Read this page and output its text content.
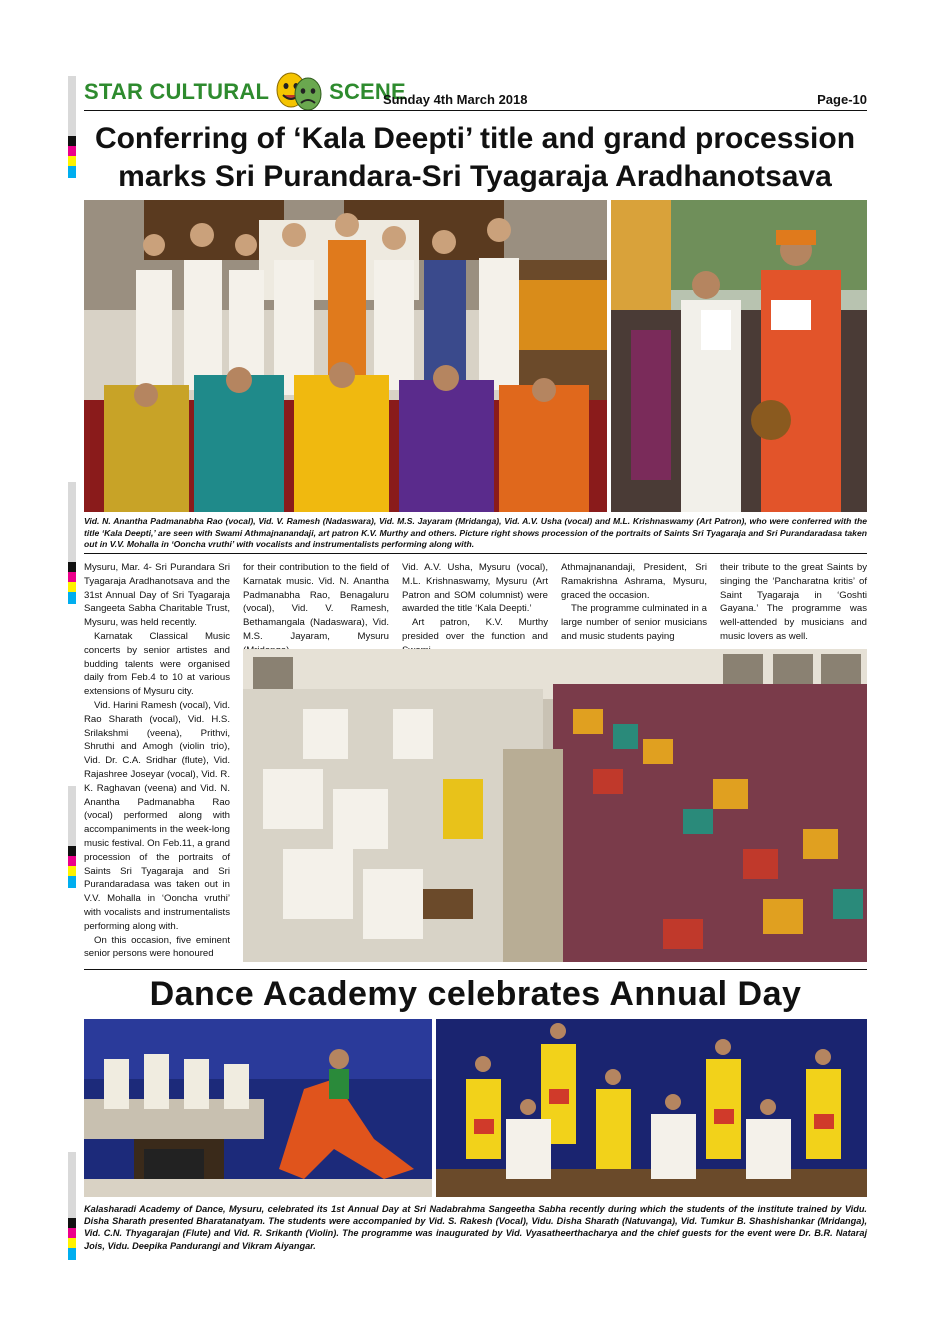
STAR CULTURAL	SCENE
Sunday 4th March 2018	Page-10
Conferring of ‘Kala Deepti’ title and grand procession
marks Sri Purandara-Sri Tyagaraja Aradhanotsava
Vid. N. Anantha Padmanabha Rao (vocal), Vid. V. Ramesh (Nadaswara), Vid. M.S. Jayaram (Mridanga), Vid. A.V. Usha (vocal) and M.L. Krishnaswamy (Art Patron), who were conferred with the title ‘Kala Deepti,’ are seen with Swami Athmajnanandaji, art patron K.V. Murthy and others. Picture right shows procession of the portraits of Saints Sri Tyagaraja and Sri Purandaradasa taken out in V.V. Mohalla in ‘Ooncha vruthi’ with vocalists and instrumentalists performing along with.

Mysuru, Mar. 4- Sri Purandara Sri Tyagaraja Aradhanotsava and the 31st Annual Day of Sri Tyagaraja Sangeeta Sabha Charitable Trust, Mysuru, was held recently.

Karnatak Classical Music concerts by senior artistes and budding talents were organised daily from Feb.4 to 10 at various extensions of Mysuru city.

Vid. Harini Ramesh (vocal), Vid. Rao Sharath (vocal), Vid. H.S. Srilakshmi (veena), Prithvi, Shruthi and Amogh (violin trio), Vid. Dr. C.A. Sridhar (flute), Vid. Rajashree Joseyar (vocal), Vid. R. K. Raghavan (veena) and Vid. N. Anantha Padmanabha Rao (vocal) performed along with accompaniments in the week-long music festival. On Feb.11, a grand procession of the portraits of Saints Sri Tyagaraja and Sri Purandaradasa was taken out in V.V. Mohalla in ‘Ooncha vruthi’ with vocalists and instrumentalists performing along with.

On this occasion, five eminent senior persons were honoured

for their contribution to the field of Karnatak music. Vid. N. Anantha Padmanabha Rao, Benagaluru (vocal), Vid. V. Ramesh, Bethamangala (Nadaswara), Vid. M.S. Jayaram, Mysuru

Vid. A.V. Usha, Mysuru (vocal), M.L. Krishnaswamy, Mysuru (Art Patron and SOM columnist) were awarded the title ‘Kala Deepti.’

Art patron, K.V. Murthy presided over the function and

Athmajnanandaji, President, Sri Ramakrishna Ashrama, Mysuru, graced the occasion.

The programme culminated in a large number of senior musicians and music students paying

their tribute to the great Saints by singing the ‘Pancharatna kritis’ of Saint Tyagaraja in ‘Goshti Gayana.’ The programme was well-attended by musicians and music lovers as well.

Dance Academy celebrates Annual Day
Kalasharadi Academy of Dance, Mysuru, celebrated its 1st Annual Day at Sri Nadabrahma Sangeetha Sabha recently during which the students of the institute trained by Vidu. Disha Sharath presented Bharatanatyam. The students were accompanied by Vid. S. Rakesh (Vocal), Vidu. Disha Sharath (Natuvanga), Vid. Tumkur B. Shashishankar (Mridanga), Vid. C.N. Thyagarajan (Flute) and Vid. R. Srikanth (Violin). The programme was inaugurated by Vid. Vyasatheerthacharya and the chief guests for the event were Dr. B.R. Nataraj Jois, Vidu. Deepika Pandurangi and Vikram Aiyangar.
